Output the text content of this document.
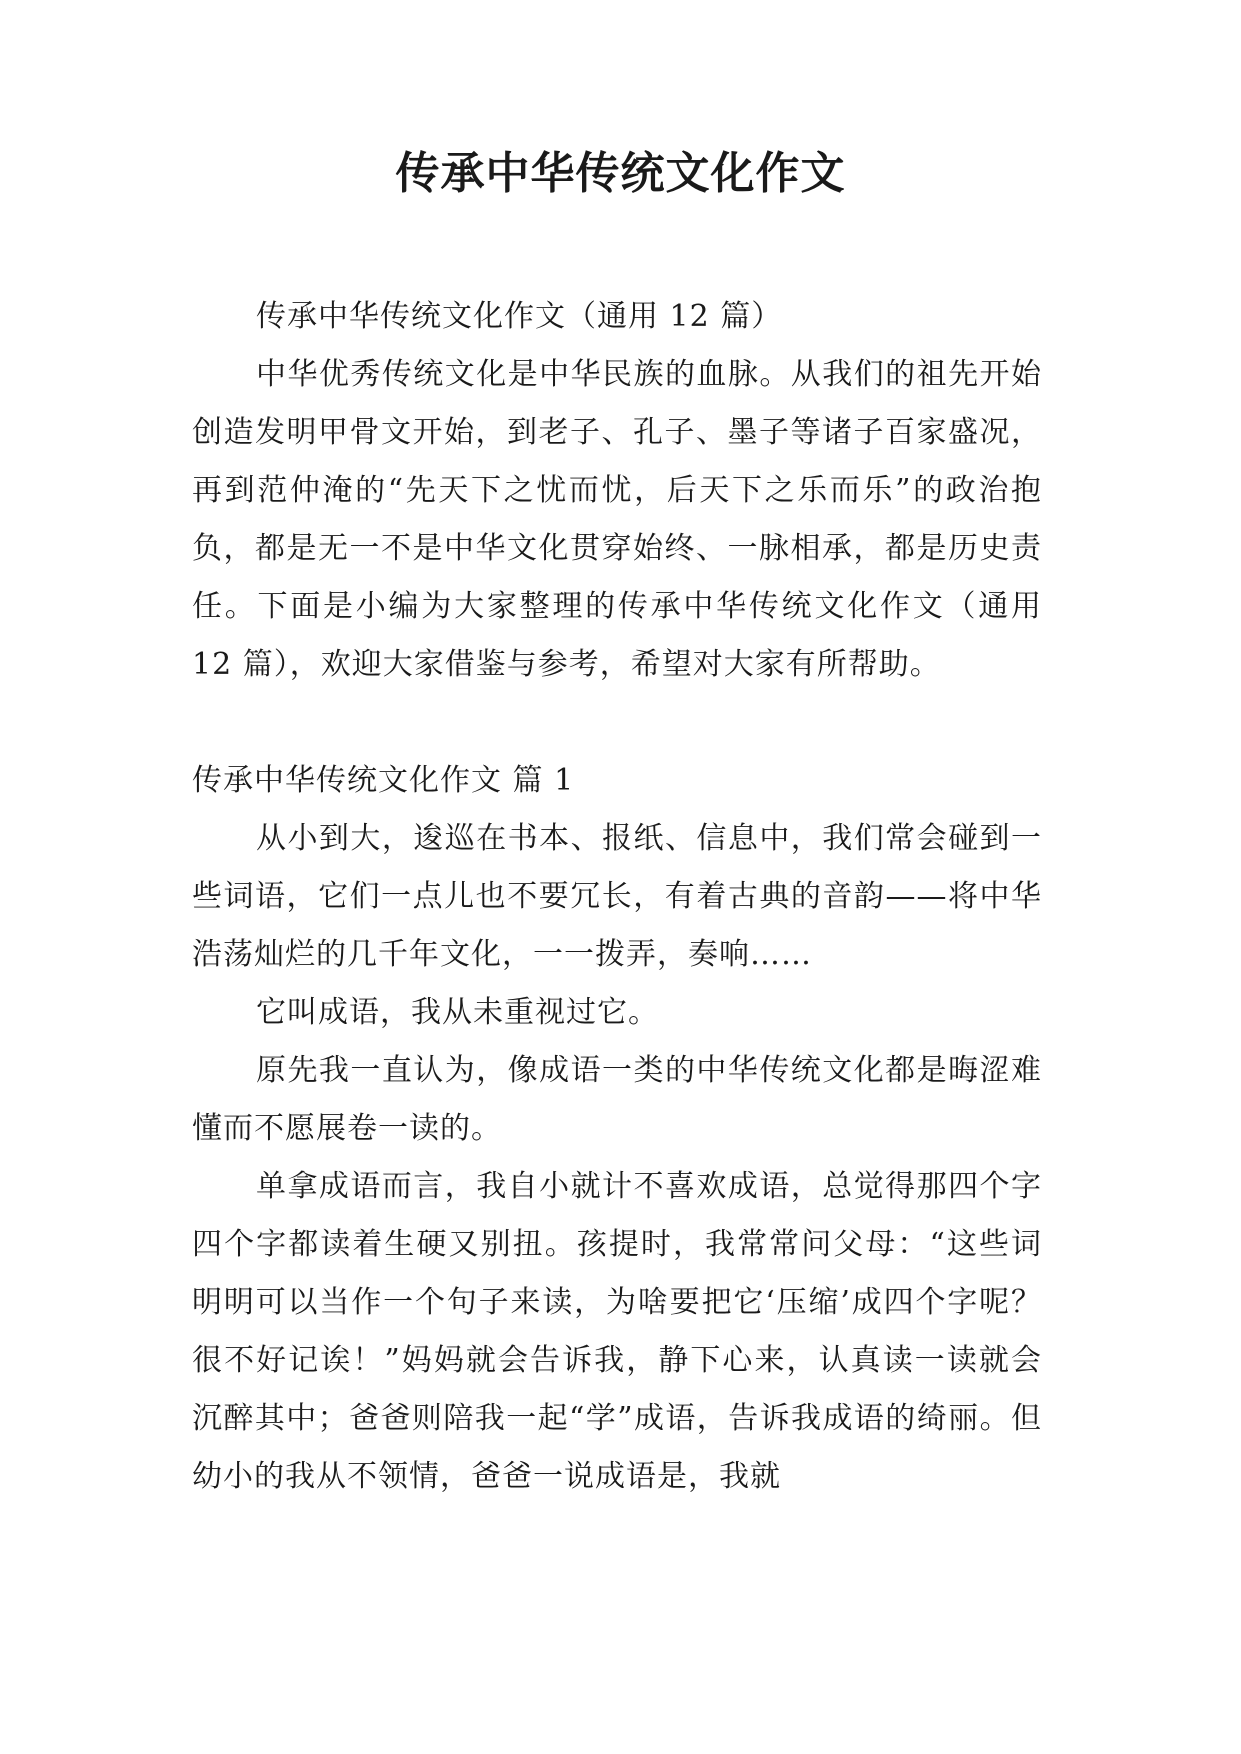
传承中华传统文化作文

传承中华传统文化作文（通用 12 篇）

中华优秀传统文化是中华民族的血脉。从我们的祖先开始创造发明甲骨文开始，到老子、孔子、墨子等诸子百家盛况，再到范仲淹的“先天下之忧而忧，后天下之乐而乐”的政治抱负，都是无一不是中华文化贯穿始终、一脉相承，都是历史责任。下面是小编为大家整理的传承中华传统文化作文（通用 12 篇），欢迎大家借鉴与参考，希望对大家有所帮助。

传承中华传统文化作文 篇 1

从小到大，逡巡在书本、报纸、信息中，我们常会碰到一些词语，它们一点儿也不要冗长，有着古典的音韵——将中华浩荡灿烂的几千年文化，一一拨弄，奏响……

它叫成语，我从未重视过它。

原先我一直认为，像成语一类的中华传统文化都是晦涩难懂而不愿展卷一读的。

单拿成语而言，我自小就计不喜欢成语，总觉得那四个字四个字都读着生硬又别扭。孩提时，我常常问父母：“这些词明明可以当作一个句子来读，为啥要把它‘压缩’成四个字呢？很不好记诶！”妈妈就会告诉我，静下心来，认真读一读就会沉醉其中；爸爸则陪我一起“学”成语，告诉我成语的绮丽。但幼小的我从不领情，爸爸一说成语是，我就
